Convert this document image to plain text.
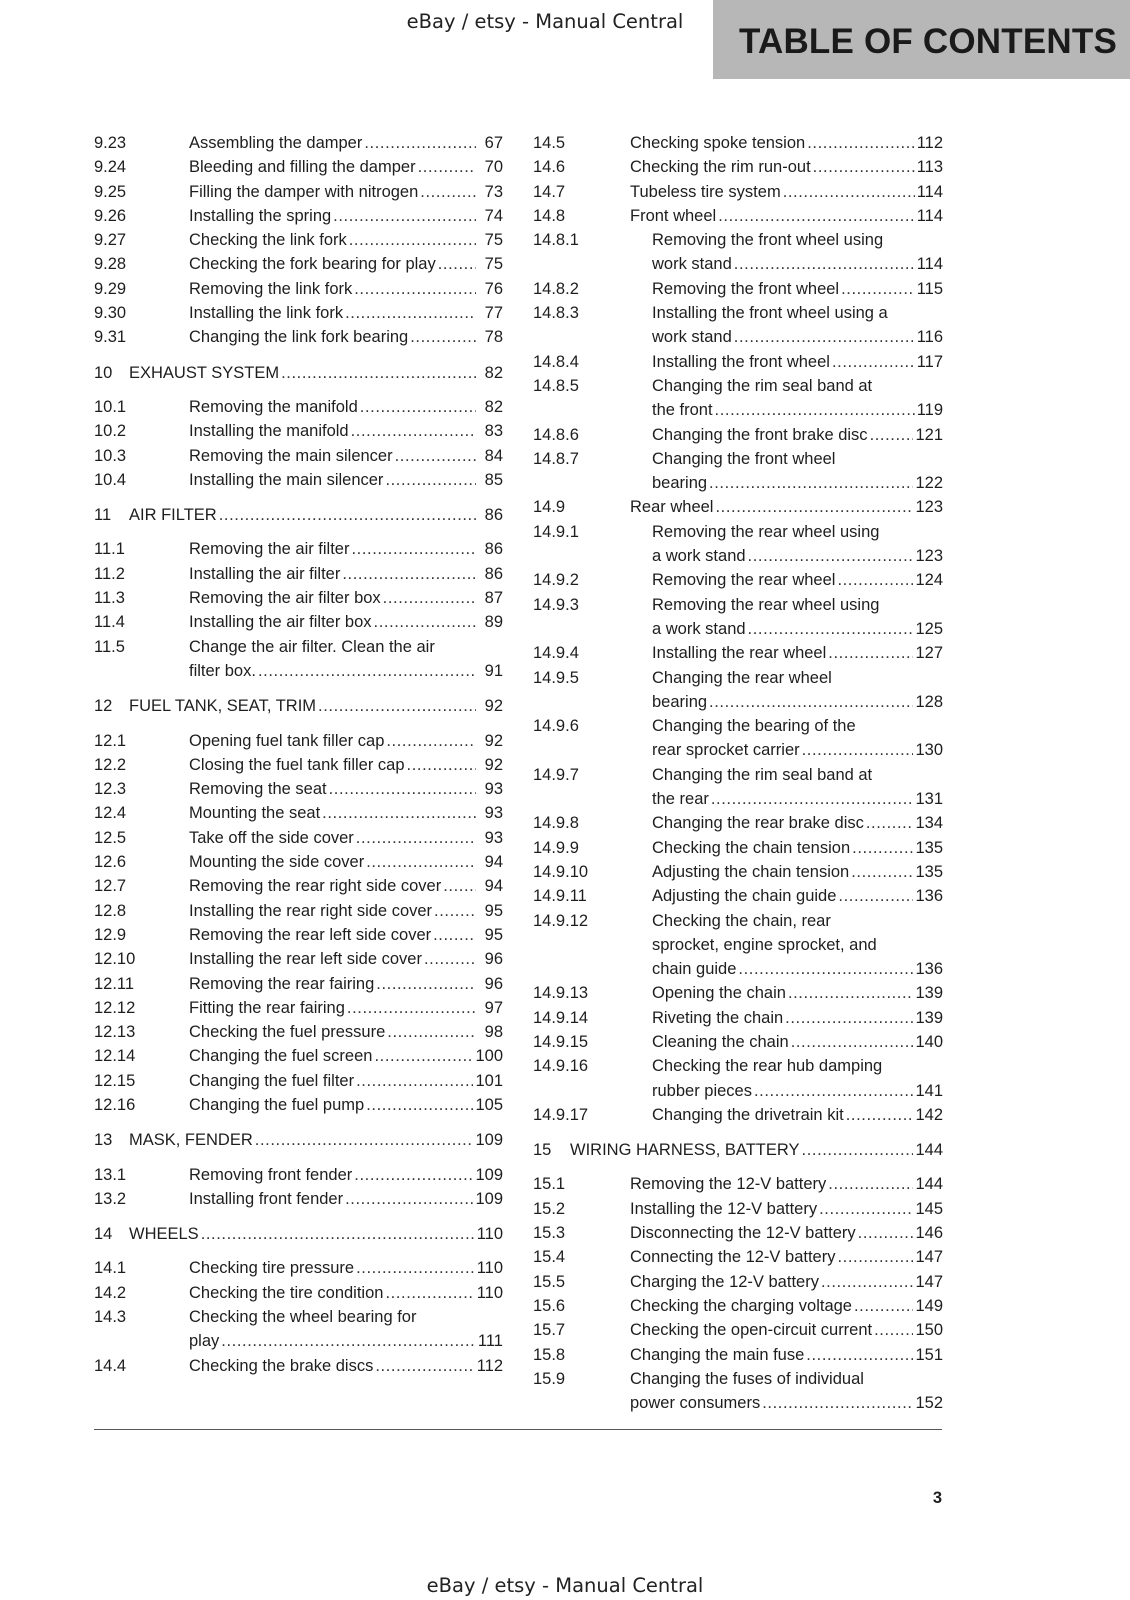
eBay / etsy - Manual Central
TABLE OF CONTENTS
9.23	Assembling the damper .....	67
9.24	Bleeding and filling the damper .....	70
9.25	Filling the damper with nitrogen .....	73
9.26	Installing the spring .....	74
9.27	Checking the link fork .....	75
9.28	Checking the fork bearing for play .....	75
9.29	Removing the link fork .....	76
9.30	Installing the link fork .....	77
9.31	Changing the link fork bearing .....	78
10 EXHAUST SYSTEM .....	82
10.1	Removing the manifold .....	82
10.2	Installing the manifold .....	83
10.3	Removing the main silencer .....	84
10.4	Installing the main silencer .....	85
11 AIR FILTER .....	86
11.1	Removing the air filter .....	86
11.2	Installing the air filter .....	86
11.3	Removing the air filter box .....	87
11.4	Installing the air filter box .....	89
11.5	Change the air filter. Clean the air
filter box. .....	91
12 FUEL TANK, SEAT, TRIM .....	92
12.1	Opening fuel tank filler cap .....	92
12.2	Closing the fuel tank filler cap .....	92
12.3	Removing the seat .....	93
12.4	Mounting the seat .....	93
12.5	Take off the side cover .....	93
12.6	Mounting the side cover .....	94
12.7	Removing the rear right side cover .....	94
12.8	Installing the rear right side cover .....	95
12.9	Removing the rear left side cover .....	95
12.10	Installing the rear left side cover .....	96
12.11	Removing the rear fairing .....	96
12.12	Fitting the rear fairing .....	97
12.13	Checking the fuel pressure .....	98
12.14	Changing the fuel screen .....	100
12.15	Changing the fuel filter .....	101
12.16	Changing the fuel pump .....	105
13 MASK, FENDER .....	109
13.1	Removing front fender .....	109
13.2	Installing front fender .....	109
14 WHEELS .....	110
14.1	Checking tire pressure .....	110
14.2	Checking the tire condition .....	110
14.3	Checking the wheel bearing for
play .....	111
14.4	Checking the brake discs .....	112
14.5	Checking spoke tension .....	112
14.6	Checking the rim run-out .....	113
14.7	Tubeless tire system .....	114
14.8	Front wheel .....	114
14.8.1	Removing the front wheel using
work stand .....	114
14.8.2	Removing the front wheel .....	115
14.8.3	Installing the front wheel using a
work stand .....	116
14.8.4	Installing the front wheel .....	117
14.8.5	Changing the rim seal band at
the front .....	119
14.8.6	Changing the front brake disc .....	121
14.8.7	Changing the front wheel
bearing .....	122
14.9	Rear wheel .....	123
14.9.1	Removing the rear wheel using
a work stand .....	123
14.9.2	Removing the rear wheel .....	124
14.9.3	Removing the rear wheel using
a work stand .....	125
14.9.4	Installing the rear wheel .....	127
14.9.5	Changing the rear wheel
bearing .....	128
14.9.6	Changing the bearing of the
rear sprocket carrier .....	130
14.9.7	Changing the rim seal band at
the rear .....	131
14.9.8	Changing the rear brake disc .....	134
14.9.9	Checking the chain tension .....	135
14.9.10	Adjusting the chain tension .....	135
14.9.11	Adjusting the chain guide .....	136
14.9.12	Checking the chain, rear
sprocket, engine sprocket, and
chain guide .....	136
14.9.13	Opening the chain .....	139
14.9.14	Riveting the chain .....	139
14.9.15	Cleaning the chain .....	140
14.9.16	Checking the rear hub damping
rubber pieces .....	141
14.9.17	Changing the drivetrain kit .....	142
15 WIRING HARNESS, BATTERY .....	144
15.1	Removing the 12-V battery .....	144
15.2	Installing the 12-V battery .....	145
15.3	Disconnecting the 12-V battery .....	146
15.4	Connecting the 12-V battery .....	147
15.5	Charging the 12-V battery .....	147
15.6	Checking the charging voltage .....	149
15.7	Checking the open-circuit current .....	150
15.8	Changing the main fuse .....	151
15.9	Changing the fuses of individual
power consumers .....	152
3
eBay / etsy - Manual Central
